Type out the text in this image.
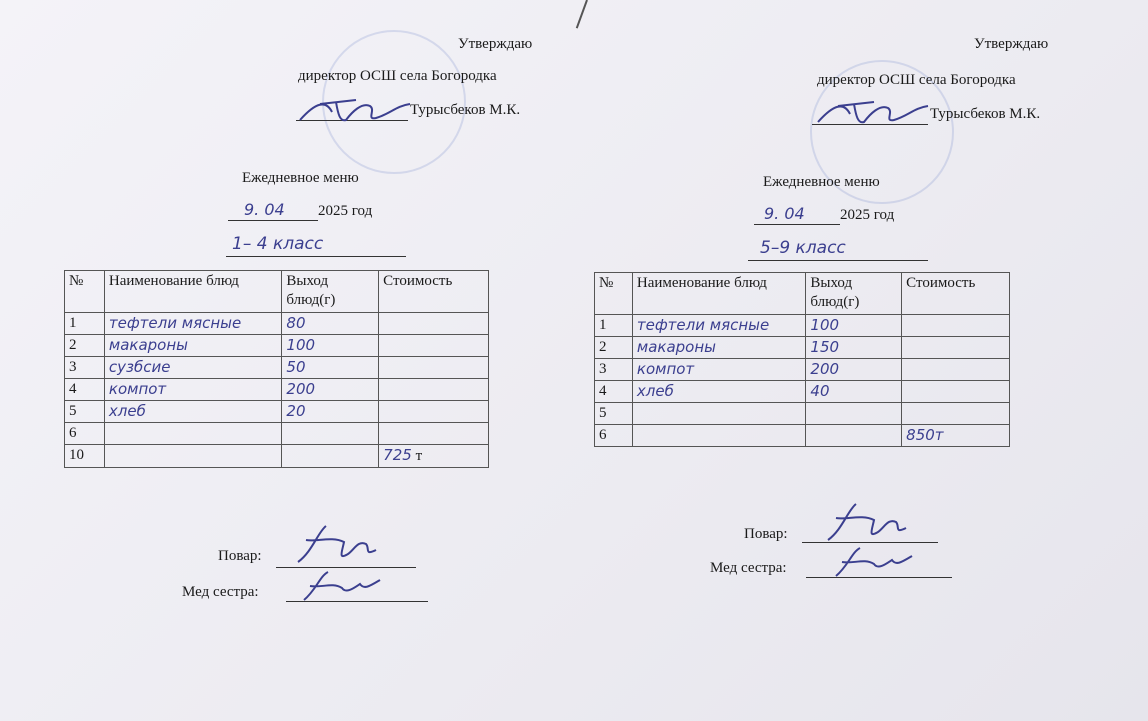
Утверждаю
директор ОСШ села Богородка
Турысбеков М.К.
Ежедневное меню
9. 04 2025 год
1– 4 класс
№	Наименование блюд	Выход блюд(г)	Стоимость
1	тефтели мясные	80	
2	макароны	100	
3	сузбсие	50	
4	компот	200	
5	хлеб	20	
6			
10			725 т
Повар:
Мед сестра:
Утверждаю
директор ОСШ села Богородка
Турысбеков М.К.
Ежедневное меню
9. 04 2025 год
5–9 класс
№	Наименование блюд	Выход блюд(г)	Стоимость
1	тефтели мясные	100	
2	макароны	150	
3	компот	200	
4	хлеб	40	
5			
6			850т
Повар:
Мед сестра:
